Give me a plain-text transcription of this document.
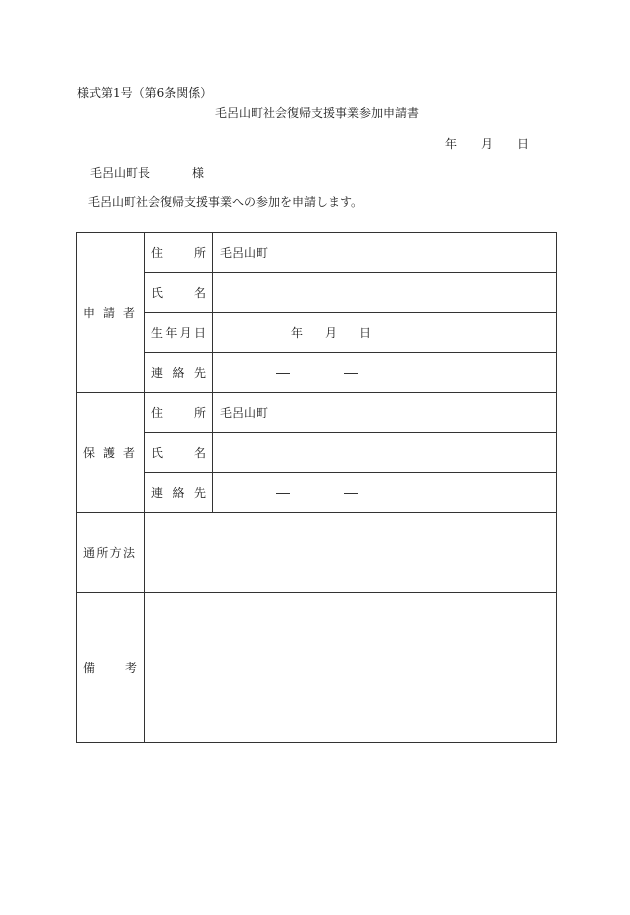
様式第1号（第6条関係）
毛呂山町社会復帰支援事業参加申請書
年 月 日
毛呂山町長	様
毛呂山町社会復帰支援事業への参加を申請します。
申 請 者	住 所	毛呂山町

	氏 名	

	生 年 月 日	年 月 日

	連 絡 先	

保 護 者	住 所	毛呂山町

	氏 名	

	連 絡 先	

通 所 方 法		

備 考		
